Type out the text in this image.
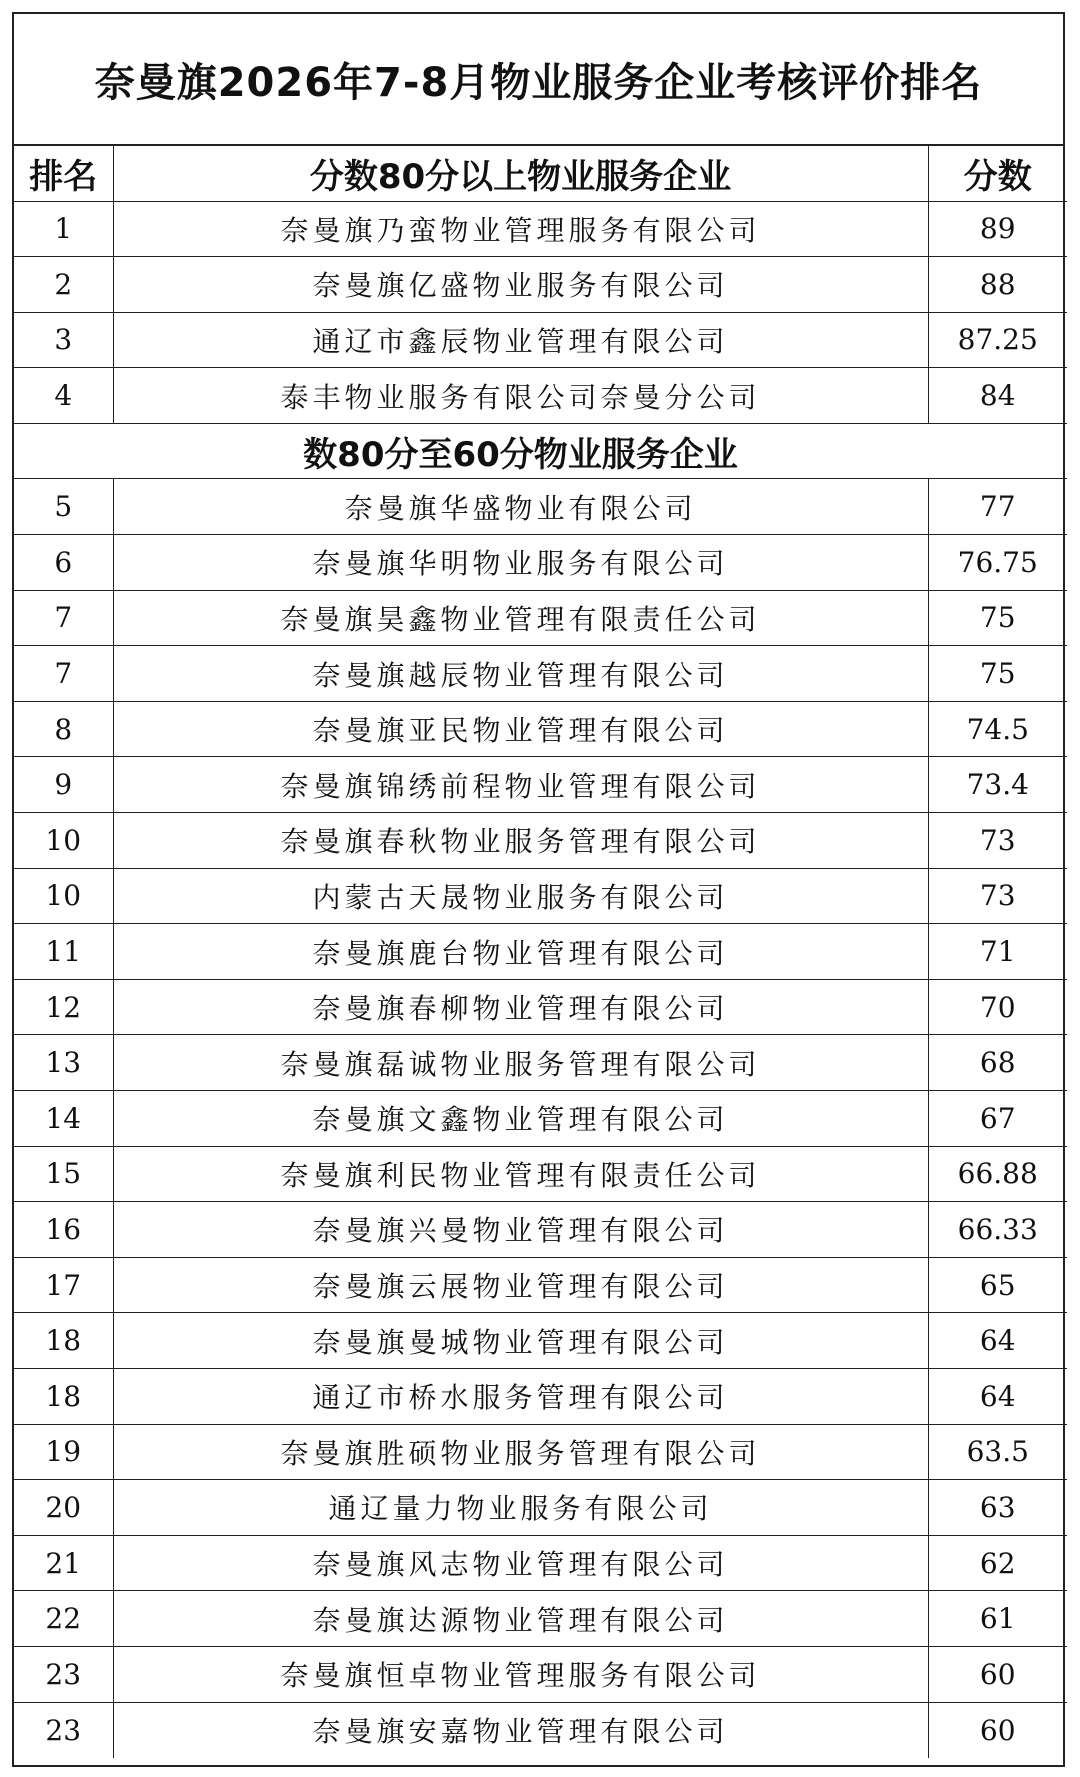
奈曼旗2026年7-8月物业服务企业考核评价排名
排名	分数80分以上物业服务企业	分数
1	奈曼旗乃蛮物业管理服务有限公司	89
2	奈曼旗亿盛物业服务有限公司	88
3	通辽市鑫辰物业管理有限公司	87.25
4	泰丰物业服务有限公司奈曼分公司	84
	数80分至60分物业服务企业	
5	奈曼旗华盛物业有限公司	77
6	奈曼旗华明物业服务有限公司	76.75
7	奈曼旗昊鑫物业管理有限责任公司	75
7	奈曼旗越辰物业管理有限公司	75
8	奈曼旗亚民物业管理有限公司	74.5
9	奈曼旗锦绣前程物业管理有限公司	73.4
10	奈曼旗春秋物业服务管理有限公司	73
10	内蒙古天晟物业服务有限公司	73
11	奈曼旗鹿台物业管理有限公司	71
12	奈曼旗春柳物业管理有限公司	70
13	奈曼旗磊诚物业服务管理有限公司	68
14	奈曼旗文鑫物业管理有限公司	67
15	奈曼旗利民物业管理有限责任公司	66.88
16	奈曼旗兴曼物业管理有限公司	66.33
17	奈曼旗云展物业管理有限公司	65
18	奈曼旗曼城物业管理有限公司	64
18	通辽市桥水服务管理有限公司	64
19	奈曼旗胜硕物业服务管理有限公司	63.5
20	通辽量力物业服务有限公司	63
21	奈曼旗风志物业管理有限公司	62
22	奈曼旗达源物业管理有限公司	61
23	奈曼旗恒卓物业管理服务有限公司	60
23	奈曼旗安嘉物业管理有限公司	60
